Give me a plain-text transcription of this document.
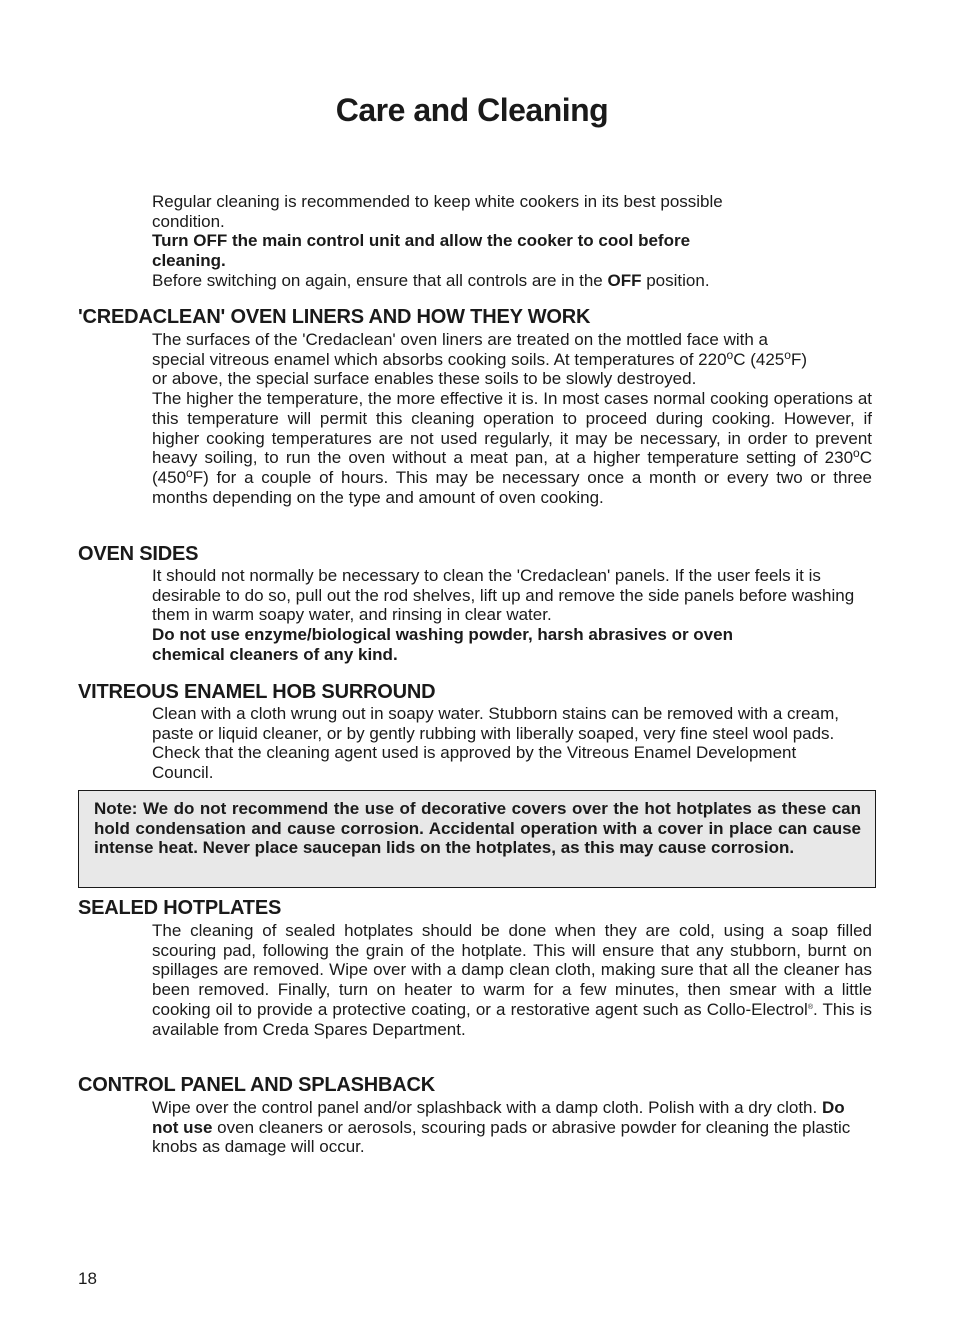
Care and Cleaning
Regular cleaning is recommended to keep white cookers in its best possible condition.
Turn OFF the main control unit and allow the cooker to cool before cleaning.
Before switching on again, ensure that all controls are in the OFF position.
'CREDACLEAN' OVEN LINERS AND HOW THEY WORK
The surfaces of the 'Credaclean' oven liners are treated on the mottled face with a special vitreous enamel which absorbs cooking soils. At temperatures of 220$^o$C (425$^o$F) or above, the special surface enables these soils to be slowly destroyed.
The higher the temperature, the more effective it is. In most cases normal cooking operations at this temperature will permit this cleaning operation to proceed during cooking. However, if higher cooking temperatures are not used regularly, it may be necessary, in order to prevent heavy soiling, to run the oven without a meat pan, at a higher temperature setting of 230$^o$C (450$^o$F) for a couple of hours. This may be necessary once a month or every two or three months depending on the type and amount of oven cooking.
OVEN SIDES
It should not normally be necessary to clean the 'Credaclean' panels. If the user feels it is desirable to do so, pull out the rod shelves, lift up and remove the side panels before washing them in warm soapy water, and rinsing in clear water.
Do not use enzyme/biological washing powder, harsh abrasives or oven chemical cleaners of any kind.
VITREOUS ENAMEL HOB SURROUND
Clean with a cloth wrung out in soapy water. Stubborn stains can be removed with a cream, paste or liquid cleaner, or by gently rubbing with liberally soaped, very fine steel wool pads. Check that the cleaning agent used is approved by the Vitreous Enamel Development Council.
Note: We do not recommend the use of decorative covers over the hot hotplates as these can hold condensation and cause corrosion. Accidental operation with a cover in place can cause intense heat. Never place saucepan lids on the hotplates, as this may cause corrosion.
SEALED HOTPLATES
The cleaning of sealed hotplates should be done when they are cold, using a soap filled scouring pad, following the grain of the hotplate. This will ensure that any stubborn, burnt on spillages are removed. Wipe over with a damp clean cloth, making sure that all the cleaner has been removed. Finally, turn on heater to warm for a few minutes, then smear with a little cooking oil to provide a protective coating, or a restorative agent such as Collo-Electrol®. This is available from Creda Spares Department.
CONTROL PANEL AND SPLASHBACK
Wipe over the control panel and/or splashback with a damp cloth. Polish with a dry cloth. Do not use oven cleaners or aerosols, scouring pads or abrasive powder for cleaning the plastic knobs as damage will occur.
18
